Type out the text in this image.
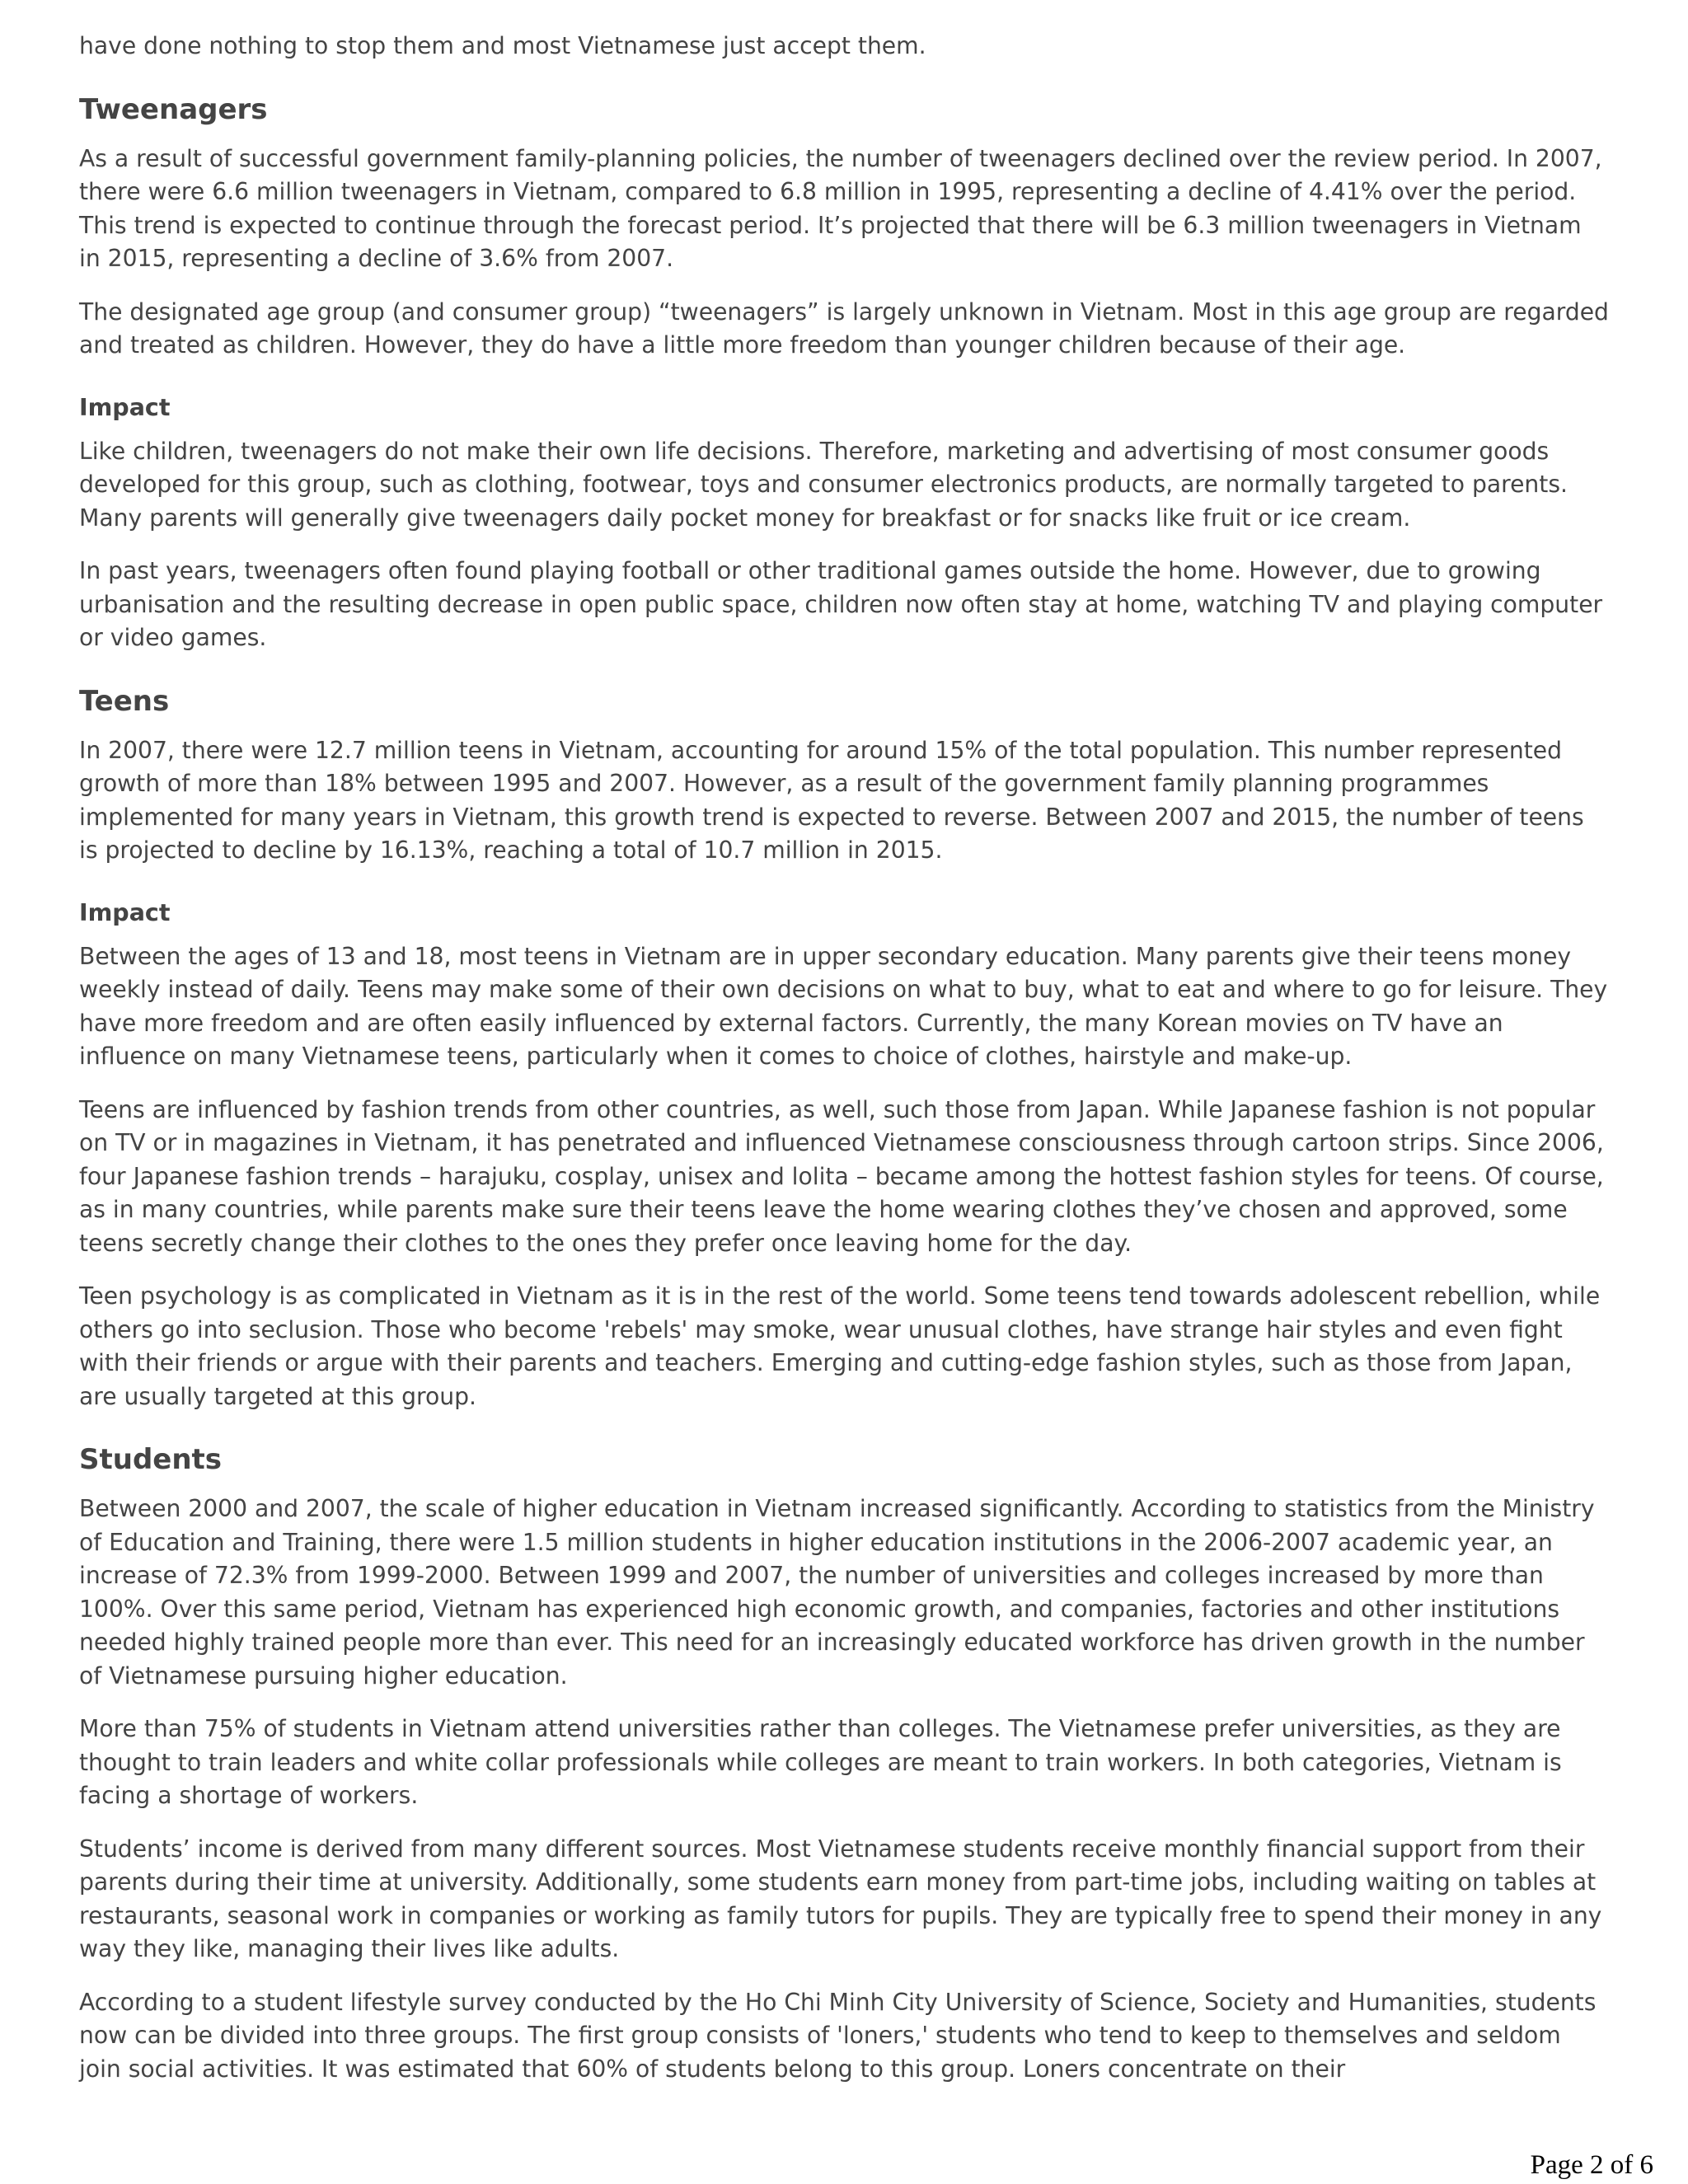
have done nothing to stop them and most Vietnamese just accept them.

Tweenagers

As a result of successful government family-planning policies, the number of tweenagers declined over the review period. In 2007, there were 6.6 million tweenagers in Vietnam, compared to 6.8 million in 1995, representing a decline of 4.41% over the period. This trend is expected to continue through the forecast period. It’s projected that there will be 6.3 million tweenagers in Vietnam in 2015, representing a decline of 3.6% from 2007.

The designated age group (and consumer group) “tweenagers” is largely unknown in Vietnam. Most in this age group are regarded and treated as children. However, they do have a little more freedom than younger children because of their age.

Impact

Like children, tweenagers do not make their own life decisions. Therefore, marketing and advertising of most consumer goods developed for this group, such as clothing, footwear, toys and consumer electronics products, are normally targeted to parents. Many parents will generally give tweenagers daily pocket money for breakfast or for snacks like fruit or ice cream.

In past years, tweenagers often found playing football or other traditional games outside the home. However, due to growing urbanisation and the resulting decrease in open public space, children now often stay at home, watching TV and playing computer or video games.

Teens

In 2007, there were 12.7 million teens in Vietnam, accounting for around 15% of the total population. This number represented growth of more than 18% between 1995 and 2007. However, as a result of the government family planning programmes implemented for many years in Vietnam, this growth trend is expected to reverse. Between 2007 and 2015, the number of teens is projected to decline by 16.13%, reaching a total of 10.7 million in 2015.

Impact

Between the ages of 13 and 18, most teens in Vietnam are in upper secondary education. Many parents give their teens money weekly instead of daily. Teens may make some of their own decisions on what to buy, what to eat and where to go for leisure. They have more freedom and are often easily influenced by external factors. Currently, the many Korean movies on TV have an influence on many Vietnamese teens, particularly when it comes to choice of clothes, hairstyle and make-up.

Teens are influenced by fashion trends from other countries, as well, such those from Japan. While Japanese fashion is not popular on TV or in magazines in Vietnam, it has penetrated and influenced Vietnamese consciousness through cartoon strips. Since 2006, four Japanese fashion trends – harajuku, cosplay, unisex and lolita – became among the hottest fashion styles for teens. Of course, as in many countries, while parents make sure their teens leave the home wearing clothes they’ve chosen and approved, some teens secretly change their clothes to the ones they prefer once leaving home for the day.

Teen psychology is as complicated in Vietnam as it is in the rest of the world. Some teens tend towards adolescent rebellion, while others go into seclusion. Those who become 'rebels' may smoke, wear unusual clothes, have strange hair styles and even fight with their friends or argue with their parents and teachers. Emerging and cutting-edge fashion styles, such as those from Japan, are usually targeted at this group.

Students

Between 2000 and 2007, the scale of higher education in Vietnam increased significantly. According to statistics from the Ministry of Education and Training, there were 1.5 million students in higher education institutions in the 2006-2007 academic year, an increase of 72.3% from 1999-2000. Between 1999 and 2007, the number of universities and colleges increased by more than 100%. Over this same period, Vietnam has experienced high economic growth, and companies, factories and other institutions needed highly trained people more than ever. This need for an increasingly educated workforce has driven growth in the number of Vietnamese pursuing higher education.

More than 75% of students in Vietnam attend universities rather than colleges. The Vietnamese prefer universities, as they are thought to train leaders and white collar professionals while colleges are meant to train workers. In both categories, Vietnam is facing a shortage of workers.

Students’ income is derived from many different sources. Most Vietnamese students receive monthly financial support from their parents during their time at university. Additionally, some students earn money from part-time jobs, including waiting on tables at restaurants, seasonal work in companies or working as family tutors for pupils. They are typically free to spend their money in any way they like, managing their lives like adults.

According to a student lifestyle survey conducted by the Ho Chi Minh City University of Science, Society and Humanities, students now can be divided into three groups. The first group consists of 'loners,' students who tend to keep to themselves and seldom join social activities. It was estimated that 60% of students belong to this group. Loners concentrate on their

Page 2 of 6
